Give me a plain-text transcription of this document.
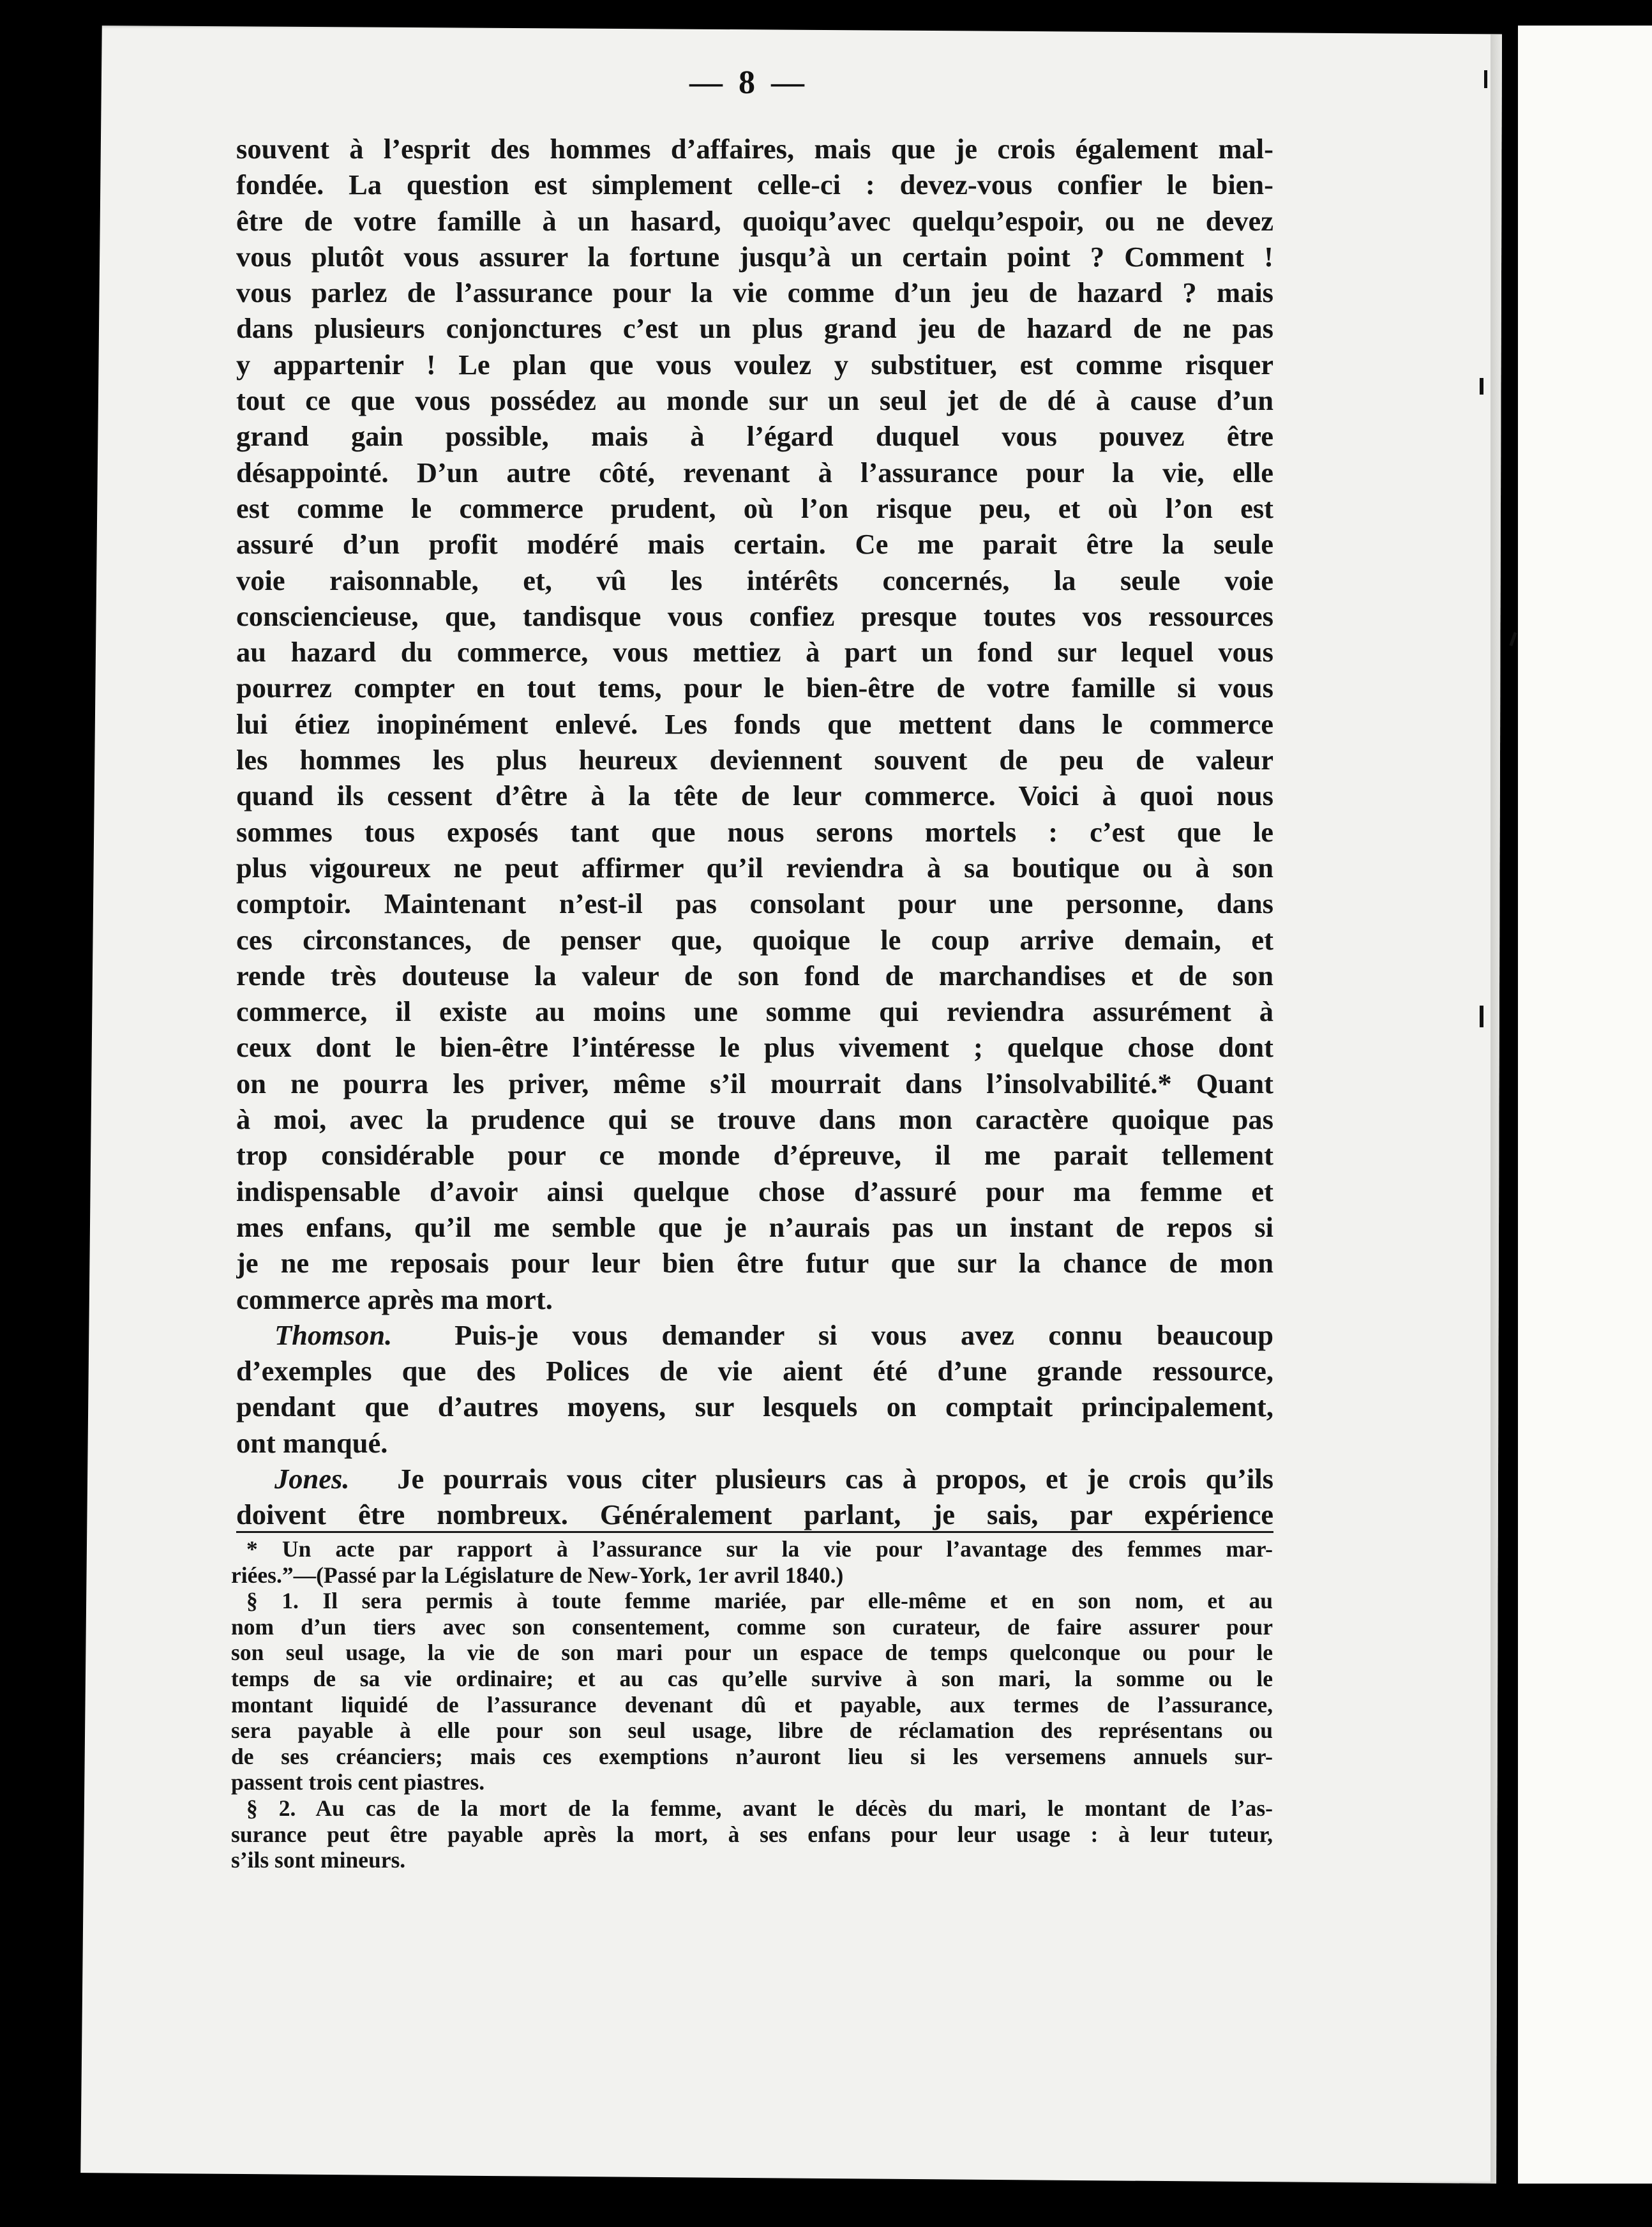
— 8 —
souvent à l’esprit des hommes d’affaires, mais que je crois également mal-
fondée. La question est simplement celle-ci : devez-vous confier le bien-
être de votre famille à un hasard, quoiqu’avec quelqu’espoir, ou ne devez
vous plutôt vous assurer la fortune jusqu’à un certain point ? Comment !
vous parlez de l’assurance pour la vie comme d’un jeu de hazard ? mais
dans plusieurs conjonctures c’est un plus grand jeu de hazard de ne pas
y appartenir ! Le plan que vous voulez y substituer, est comme risquer
tout ce que vous possédez au monde sur un seul jet de dé à cause d’un
grand gain possible, mais à l’égard duquel vous pouvez être
désappointé. D’un autre côté, revenant à l’assurance pour la vie, elle
est comme le commerce prudent, où l’on risque peu, et où l’on est
assuré d’un profit modéré mais certain. Ce me parait être la seule
voie raisonnable, et, vû les intérêts concernés, la seule voie
consciencieuse, que, tandisque vous confiez presque toutes vos ressources
au hazard du commerce, vous mettiez à part un fond sur lequel vous
pourrez compter en tout tems, pour le bien-être de votre famille si vous
lui étiez inopinément enlevé. Les fonds que mettent dans le commerce
les hommes les plus heureux deviennent souvent de peu de valeur
quand ils cessent d’être à la tête de leur commerce. Voici à quoi nous
sommes tous exposés tant que nous serons mortels : c’est que le
plus vigoureux ne peut affirmer qu’il reviendra à sa boutique ou à son
comptoir. Maintenant n’est-il pas consolant pour une personne, dans
ces circonstances, de penser que, quoique le coup arrive demain, et
rende très douteuse la valeur de son fond de marchandises et de son
commerce, il existe au moins une somme qui reviendra assurément à
ceux dont le bien-être l’intéresse le plus vivement ; quelque chose dont
on ne pourra les priver, même s’il mourrait dans l’insolvabilité.* Quant
à moi, avec la prudence qui se trouve dans mon caractère quoique pas
trop considérable pour ce monde d’épreuve, il me parait tellement
indispensable d’avoir ainsi quelque chose d’assuré pour ma femme et
mes enfans, qu’il me semble que je n’aurais pas un instant de repos si
je ne me reposais pour leur bien être futur que sur la chance de mon
commerce après ma mort.
Thomson.  Puis-je vous demander si vous avez connu beaucoup
d’exemples que des Polices de vie aient été d’une grande ressource,
pendant que d’autres moyens, sur lesquels on comptait principalement,
ont manqué.
Jones.  Je pourrais vous citer plusieurs cas à propos, et je crois qu’ils
doivent être nombreux. Généralement parlant, je sais, par expérience
* Un acte par rapport à l’assurance sur la vie pour l’avantage des femmes mar-
riées.”—(Passé par la Législature de New-York, 1er avril 1840.)
§ 1. Il sera permis à toute femme mariée, par elle-même et en son nom, et au
nom d’un tiers avec son consentement, comme son curateur, de faire assurer pour
son seul usage, la vie de son mari pour un espace de temps quelconque ou pour le
temps de sa vie ordinaire; et au cas qu’elle survive à son mari, la somme ou le
montant liquidé de l’assurance devenant dû et payable, aux termes de l’assurance,
sera payable à elle pour son seul usage, libre de réclamation des représentans ou
de ses créanciers; mais ces exemptions n’auront lieu si les versemens annuels sur-
passent trois cent piastres.
§ 2. Au cas de la mort de la femme, avant le décès du mari, le montant de l’as-
surance peut être payable après la mort, à ses enfans pour leur usage : à leur tuteur,
s’ils sont mineurs.
